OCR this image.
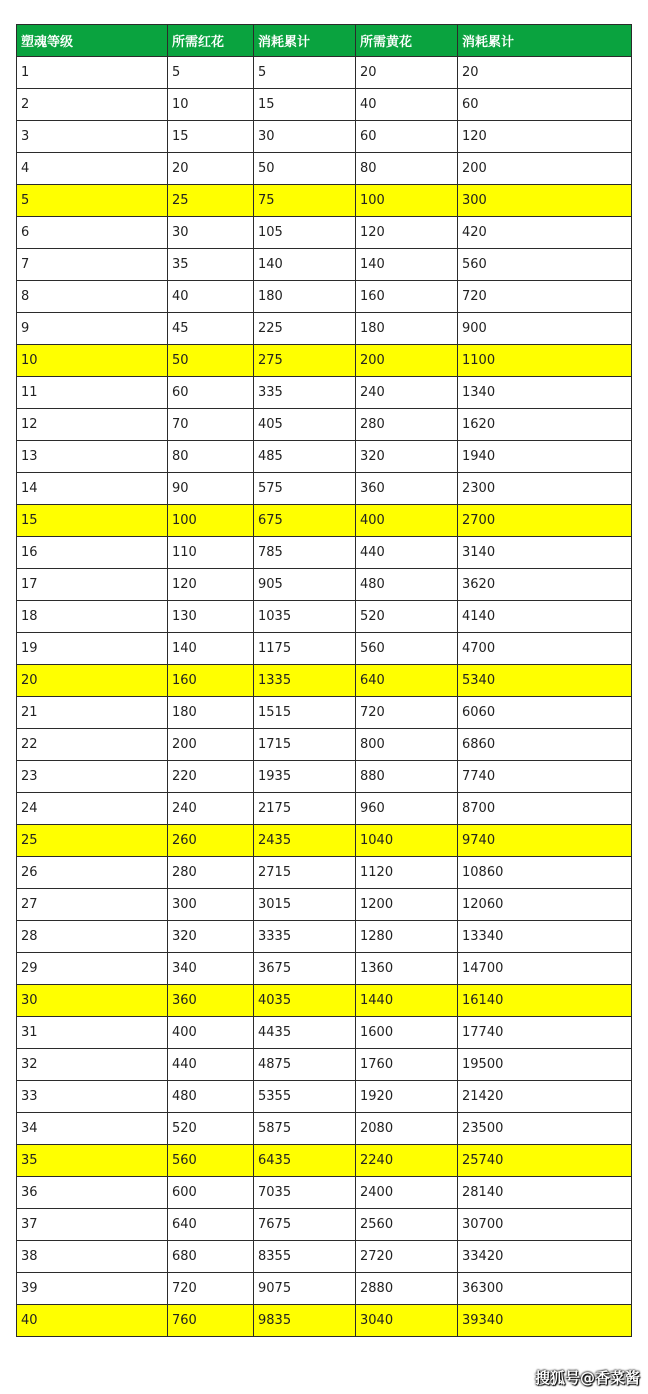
塑魂等级	所需红花	消耗累计	所需黄花	消耗累计
1	5	5	20	20
2	10	15	40	60
3	15	30	60	120
4	20	50	80	200
5	25	75	100	300
6	30	105	120	420
7	35	140	140	560
8	40	180	160	720
9	45	225	180	900
10	50	275	200	1100
11	60	335	240	1340
12	70	405	280	1620
13	80	485	320	1940
14	90	575	360	2300
15	100	675	400	2700
16	110	785	440	3140
17	120	905	480	3620
18	130	1035	520	4140
19	140	1175	560	4700
20	160	1335	640	5340
21	180	1515	720	6060
22	200	1715	800	6860
23	220	1935	880	7740
24	240	2175	960	8700
25	260	2435	1040	9740
26	280	2715	1120	10860
27	300	3015	1200	12060
28	320	3335	1280	13340
29	340	3675	1360	14700
30	360	4035	1440	16140
31	400	4435	1600	17740
32	440	4875	1760	19500
33	480	5355	1920	21420
34	520	5875	2080	23500
35	560	6435	2240	25740
36	600	7035	2400	28140
37	640	7675	2560	30700
38	680	8355	2720	33420
39	720	9075	2880	36300
40	760	9835	3040	39340
搜狐号@香菜酱
